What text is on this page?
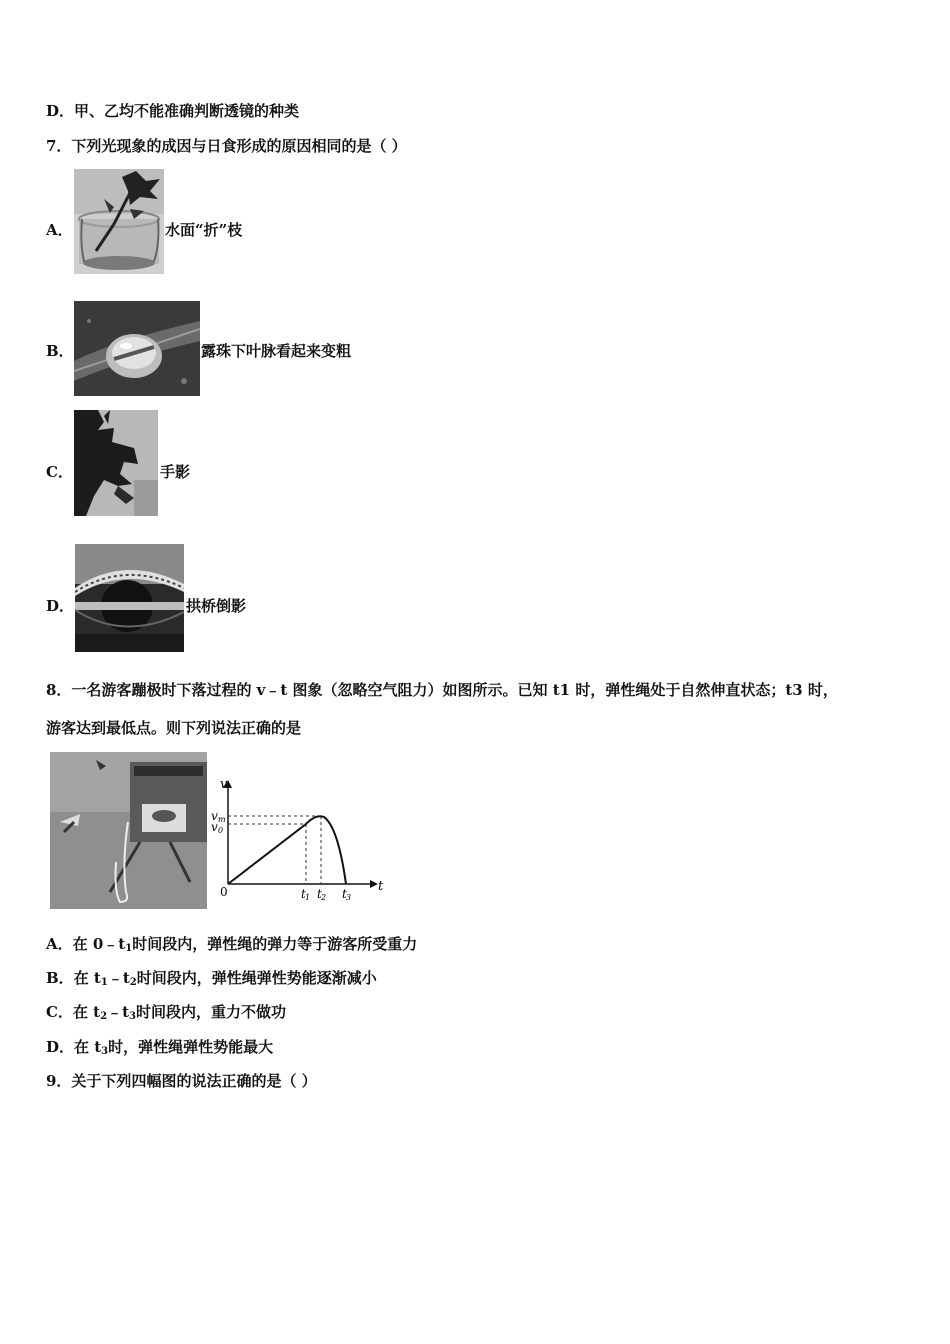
D．甲、乙均不能准确判断透镜的种类
7．下列光现象的成因与日食形成的原因相同的是（ ）
A．	水面“折”枝
B．	露珠下叶脉看起来变粗
C．	手影
D．	拱桥倒影
8．一名游客蹦极时下落过程的 v﹣t 图象（忽略空气阻力）如图所示。已知 t1 时，弹性绳处于自然伸直状态；t3 时，
游客达到最低点。则下列说法正确的是
v
t
0
v m
v 0
t 1 t 2 t 3
A．在 $0﹣t_1$时间段内，弹性绳的弹力等于游客所受重力
B．在 $t_1﹣t_2$时间段内，弹性绳弹性势能逐渐减小
C．在 $t_2﹣t_3$时间段内，重力不做功
D．在 $t_3$时，弹性绳弹性势能最大
9．关于下列四幅图的说法正确的是（ ）
